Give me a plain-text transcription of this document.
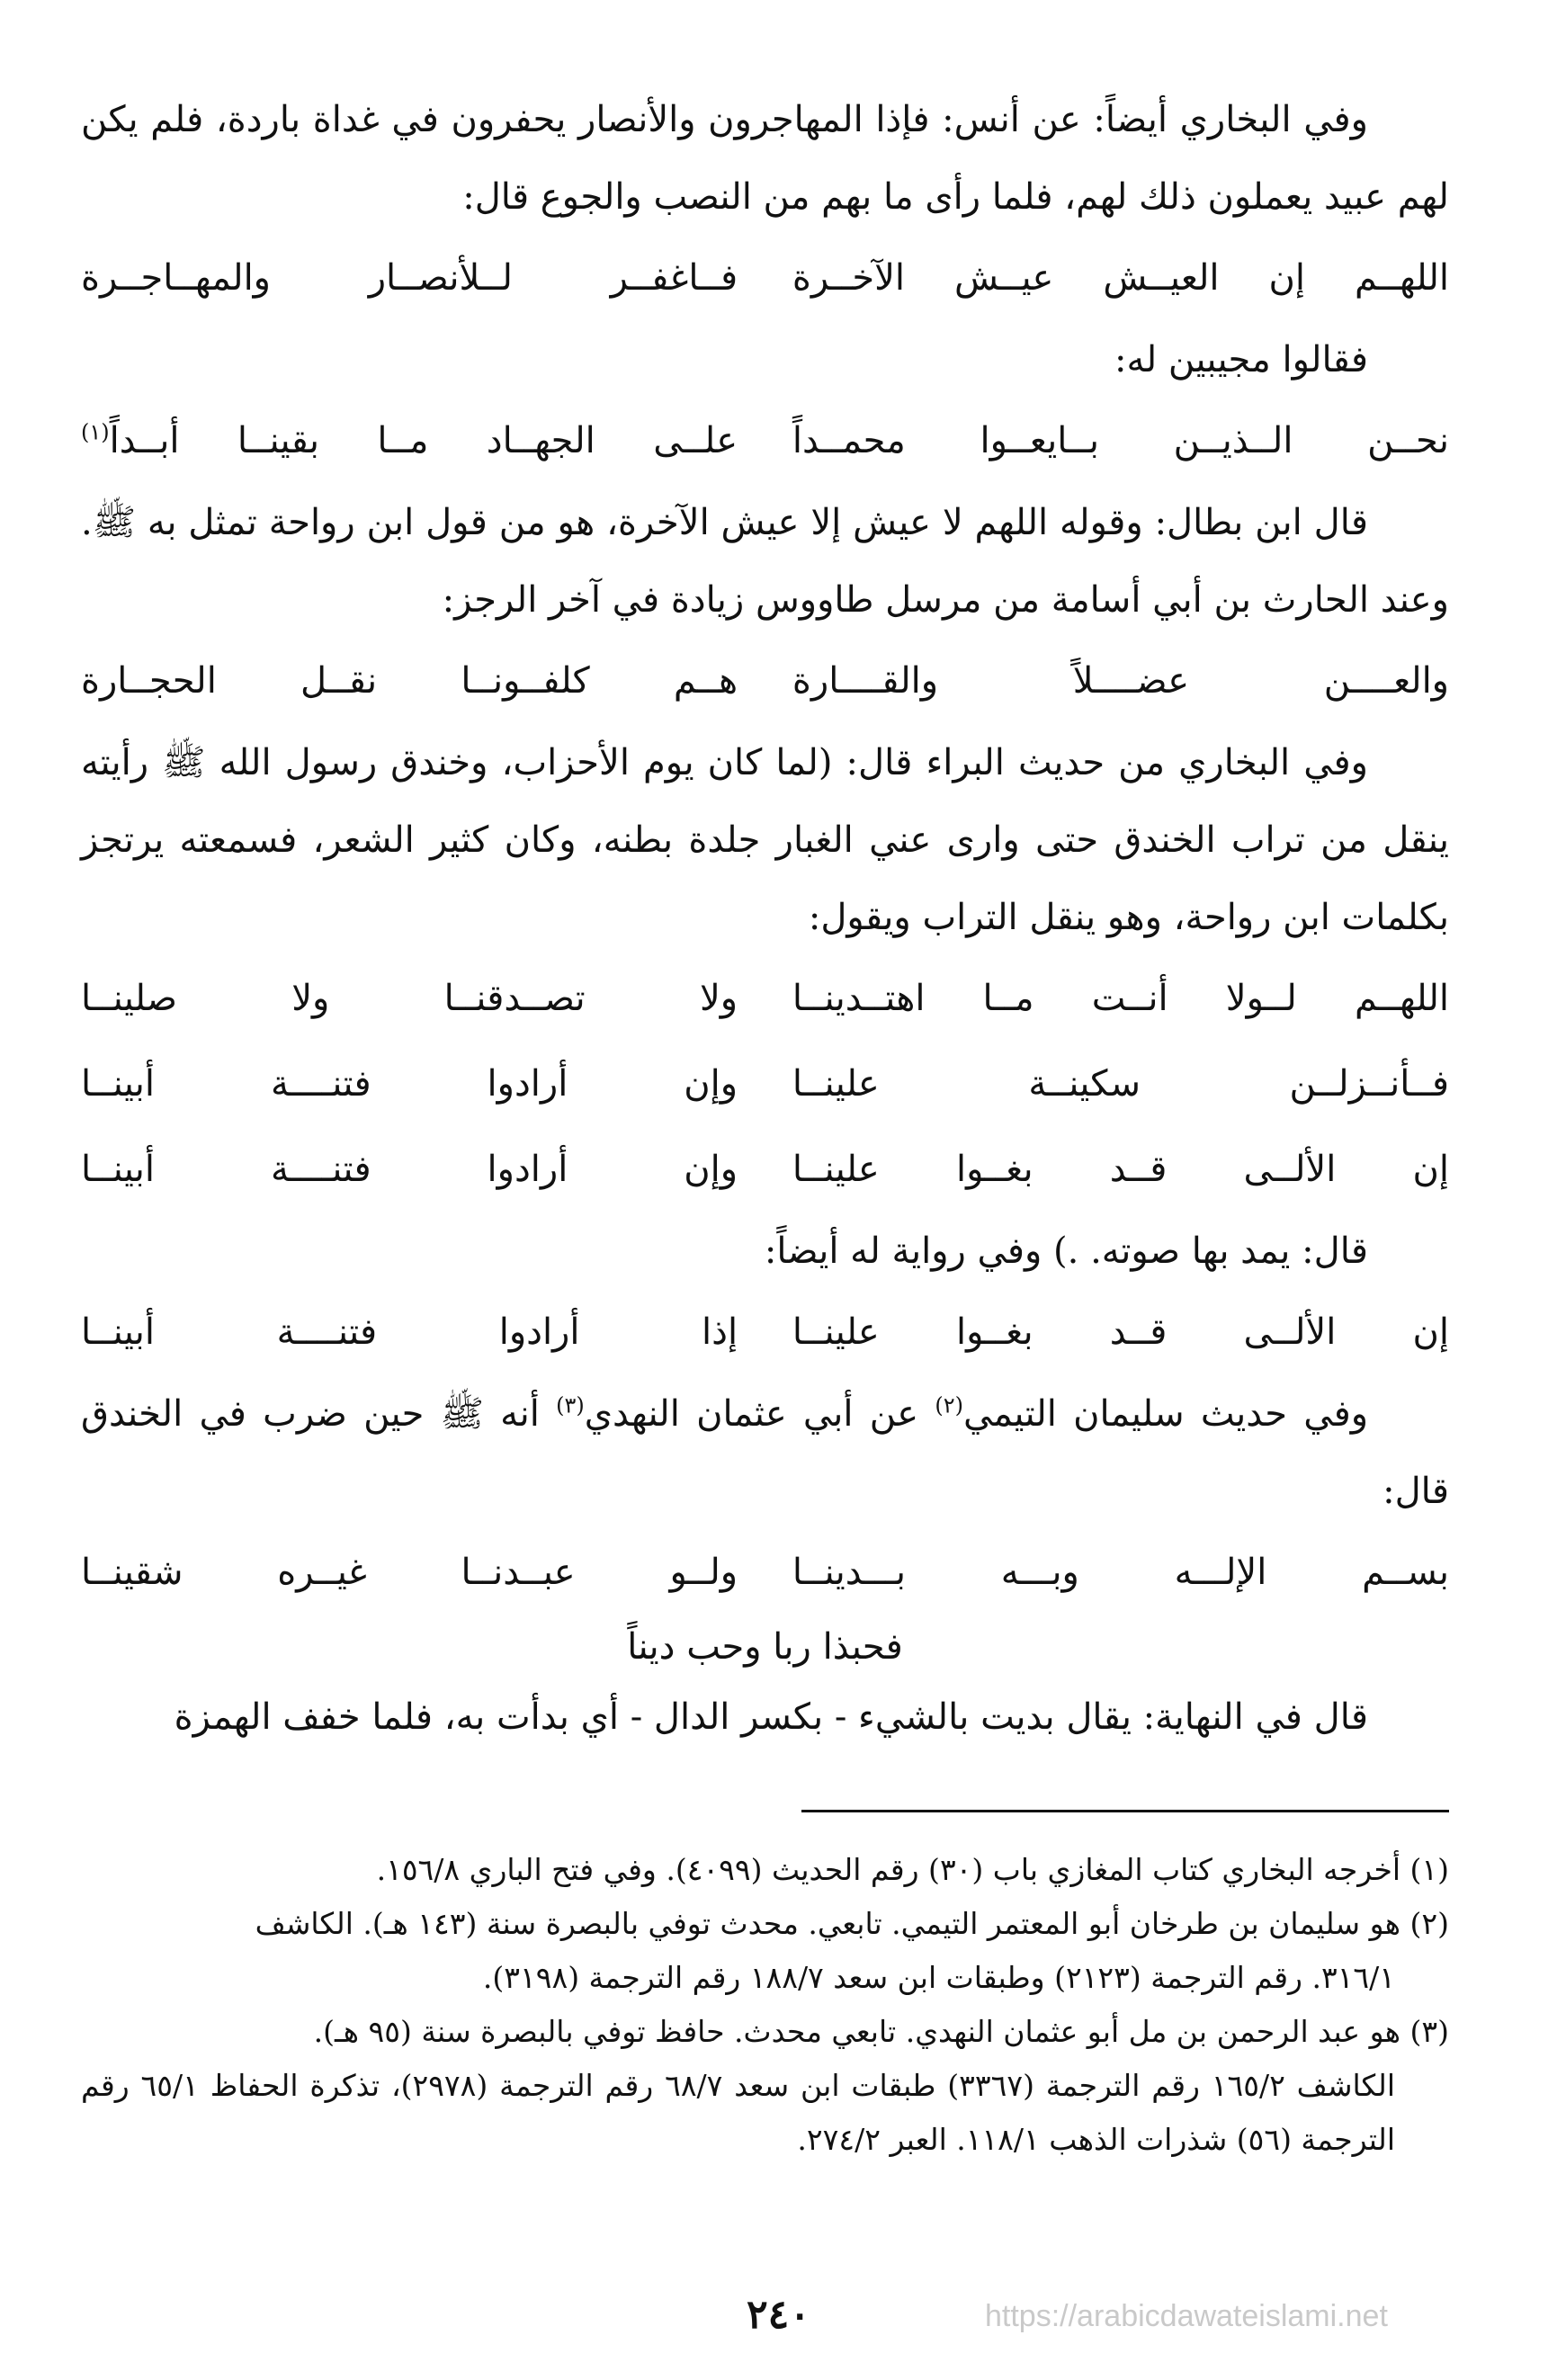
وفي البخاري أيضاً: عن أنس: فإذا المهاجرون والأنصار يحفرون في غداة باردة، فلم يكن لهم عبيد يعملون ذلك لهم، فلما رأى ما بهم من النصب والجوع قال:

اللهــم إن العيــش عيــش الآخــرة
فــاغفــر لــلأنصــار والمهــاجــرة

فقالوا مجيبين له:

نحــن الــذيــن بــايعــوا محمــداً
علــى الجهــاد مــا بقينــا أبــداً$^{(١)}$

قال ابن بطال: وقوله اللهم لا عيش إلا عيش الآخرة، هو من قول ابن رواحة تمثل به ﷺ. وعند الحارث بن أبي أسامة من مرسل طاووس زيادة في آخر الرجز:

والعــــن عضــــلاً والقــــارة
هــم كلفــونــا نقــل الحجــارة

وفي البخاري من حديث البراء قال: (لما كان يوم الأحزاب، وخندق رسول الله ﷺ رأيته ينقل من تراب الخندق حتى وارى عني الغبار جلدة بطنه، وكان كثير الشعر، فسمعته يرتجز بكلمات ابن رواحة، وهو ينقل التراب ويقول:

اللهــم لــولا أنــت مــا اهتــدينــا
ولا تصــدقنــا ولا صلينــا
فــأنــزلــن سكينــة علينــا
وإن أرادوا فتنــــة أبينــا
إن الألــى قــد بغــوا علينــا
وإن أرادوا فتنــــة أبينــا

قال: يمد بها صوته. .) وفي رواية له أيضاً:

إن الألــى قــد بغــوا علينــا
إذا أرادوا فتنــــة أبينــا

وفي حديث سليمان التيمي$^{(٢)}$ عن أبي عثمان النهدي$^{(٣)}$ أنه ﷺ حين ضرب في الخندق قال:

بســم الإلـــه وبـــه بـــدينــا
ولــو عبــدنــا غيــره شقينــا

فحبذا ربا وحب ديناً

قال في النهاية: يقال بديت بالشيء - بكسر الدال - أي بدأت به، فلما خفف الهمزة

(١) أخرجه البخاري كتاب المغازي باب (٣٠) رقم الحديث (٤٠٩٩). وفي فتح الباري ١٥٦/٨.

(٢) هو سليمان بن طرخان أبو المعتمر التيمي. تابعي. محدث توفي بالبصرة سنة (١٤٣ هـ). الكاشف
٣١٦/١. رقم الترجمة (٢١٢٣) وطبقات ابن سعد ١٨٨/٧ رقم الترجمة (٣١٩٨).

(٣) هو عبد الرحمن بن مل أبو عثمان النهدي. تابعي محدث. حافظ توفي بالبصرة سنة (٩٥ هـ).
الكاشف ١٦٥/٢ رقم الترجمة (٣٣٦٧) طبقات ابن سعد ٦٨/٧ رقم الترجمة (٢٩٧٨)، تذكرة الحفاظ ٦٥/١ رقم الترجمة (٥٦) شذرات الذهب ١١٨/١. العبر ٢٧٤/٢.

٢٤٠	https://arabicdawateislami.net
